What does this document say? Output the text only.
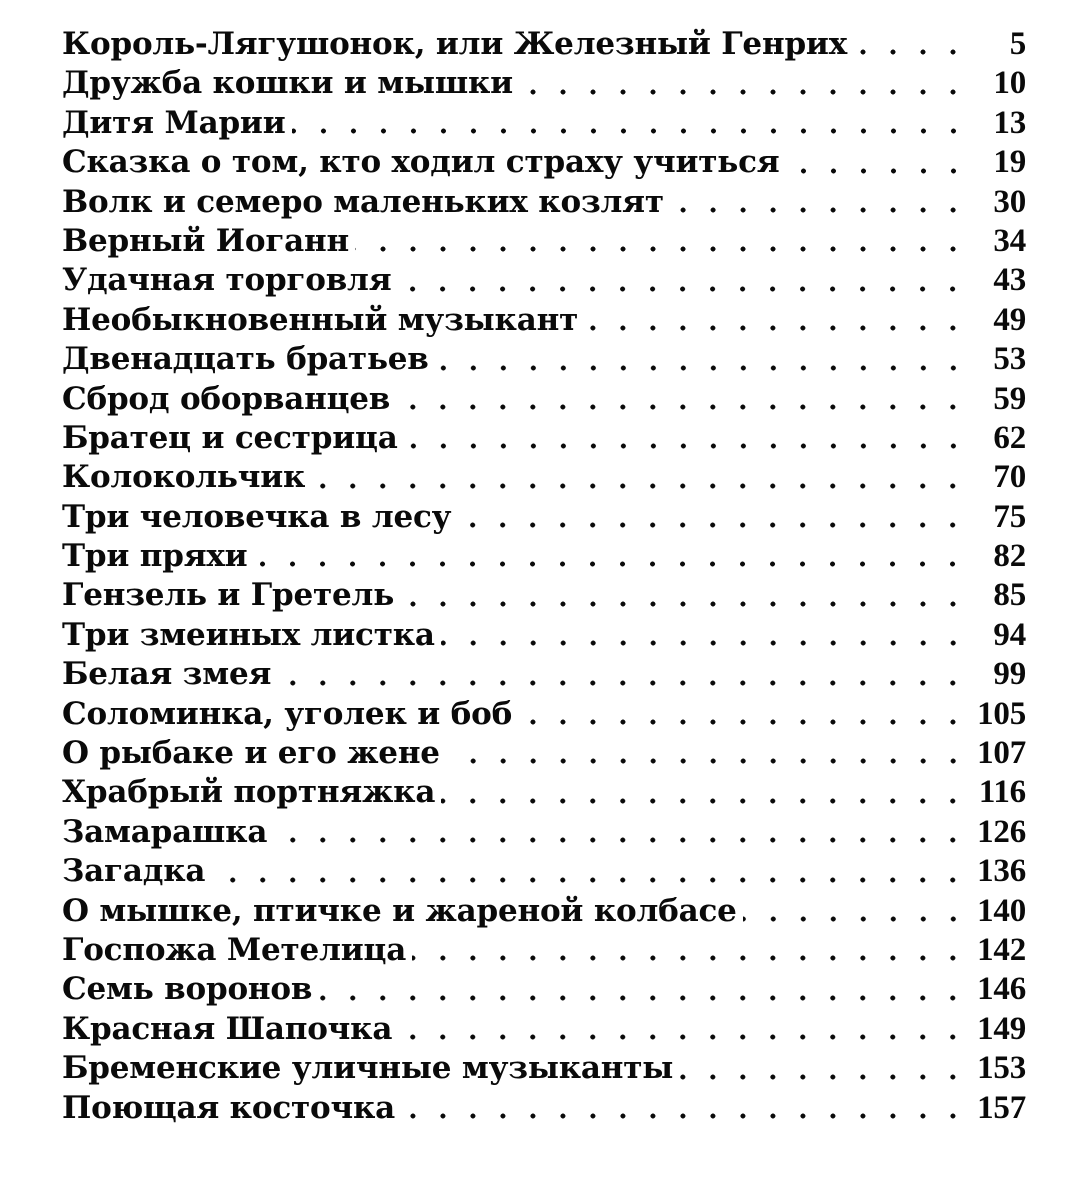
Король-Лягушонок, или Железный Генрих	5
Дружба кошки и мышки	10
Дитя Марии	13
Сказка о том, кто ходил страху учиться	19
Волк и семеро маленьких козлят	30
Верный Иоганн	34
Удачная торговля	43
Необыкновенный музыкант	49
Двенадцать братьев	53
Сброд оборванцев	59
Братец и сестрица	62
Колокольчик	70
Три человечка в лесу	75
Три пряхи	82
Гензель и Гретель	85
Три змеиных листка	94
Белая змея	99
Соломинка, уголек и боб	105
О рыбаке и его жене	107
Храбрый портняжка	116
Замарашка	126
Загадка	136
О мышке, птичке и жареной колбасе	140
Госпожа Метелица	142
Семь воронов	146
Красная Шапочка	149
Бременские уличные музыканты	153
Поющая косточка	157
